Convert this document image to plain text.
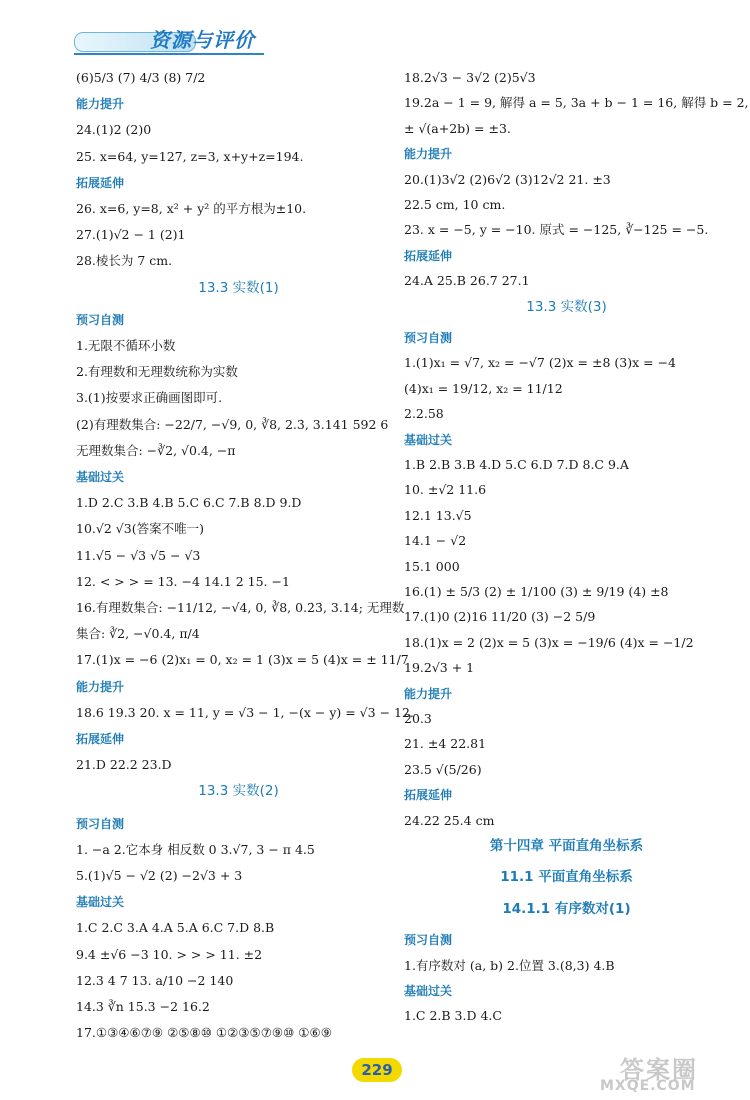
资源与评价
(6)5/3 (7) 4/3 (8) 7/2
能力提升
24.(1)2 (2)0
25. x=64, y=127, z=3, x+y+z=194.
拓展延伸
26. x=6, y=8, x² + y² 的平方根为±10.
27.(1)√2 − 1 (2)1
28.棱长为 7 cm.
13.3 实数(1)
预习自测
1.无限不循环小数
2.有理数和无理数统称为实数
3.(1)按要求正确画图即可.
(2)有理数集合: −22/7, −√9, 0, ∛8, 2.3̇, 3.141 592 6
无理数集合: −∛2, √0.4, −π
基础过关
1.D 2.C 3.B 4.B 5.C 6.C 7.B 8.D 9.D
10.√2 √3(答案不唯一)
11.√5 − √3 √5 − √3
12. < > > = 13. −4 14.1 2 15. −1
16.有理数集合: −11/12, −√4, 0, ∛8, 0.2̇3̇, 3.14; 无理数
集合: ∛2, −√0.4, π/4
17.(1)x = −6 (2)x₁ = 0, x₂ = 1 (3)x = 5 (4)x = ± 11/7
能力提升
18.6 19.3 20. x = 11, y = √3 − 1, −(x − y) = √3 − 12.
拓展延伸
21.D 22.2 23.D
13.3 实数(2)
预习自测
1. −a 2.它本身 相反数 0 3.√7, 3 − π 4.5
5.(1)√5 − √2 (2) −2√3 + 3
基础过关
1.C 2.C 3.A 4.A 5.A 6.C 7.D 8.B
9.4 ±√6 −3 10. > > > 11. ±2
12.3 4 7 13. a/10 −2 140
14.3 ∛n 15.3 −2 16.2
17.①③④⑥⑦⑨ ②⑤⑧⑩ ①②③⑤⑦⑨⑩ ①⑥⑨
18.2√3 − 3√2 (2)5√3
19.2a − 1 = 9, 解得 a = 5, 3a + b − 1 = 16, 解得 b = 2,
± √(a+2b) = ±3.
能力提升
20.(1)3√2 (2)6√2 (3)12√2 21. ±3
22.5 cm, 10 cm.
23. x = −5, y = −10. 原式 = −125, ∛−125 = −5.
拓展延伸
24.A 25.B 26.7 27.1
13.3 实数(3)
预习自测
1.(1)x₁ = √7, x₂ = −√7 (2)x = ±8 (3)x = −4
(4)x₁ = 19/12, x₂ = 11/12
2.2.58
基础过关
1.B 2.B 3.B 4.D 5.C 6.D 7.D 8.C 9.A
10. ±√2 11.6
12.1 13.√5
14.1 − √2
15.1 000
16.(1) ± 5/3 (2) ± 1/100 (3) ± 9/19 (4) ±8
17.(1)0 (2)16 11/20 (3) −2 5/9
18.(1)x = 2 (2)x = 5 (3)x = −19/6 (4)x = −1/2
19.2√3 + 1
能力提升
20.3
21. ±4 22.81
23.5 √(5/26)
拓展延伸
24.22 25.4 cm
第十四章 平面直角坐标系
11.1 平面直角坐标系
14.1.1 有序数对(1)
预习自测
1.有序数对 (a, b) 2.位置 3.(8,3) 4.B
基础过关
1.C 2.B 3.D 4.C
229	答案圈
MXQE.COM
